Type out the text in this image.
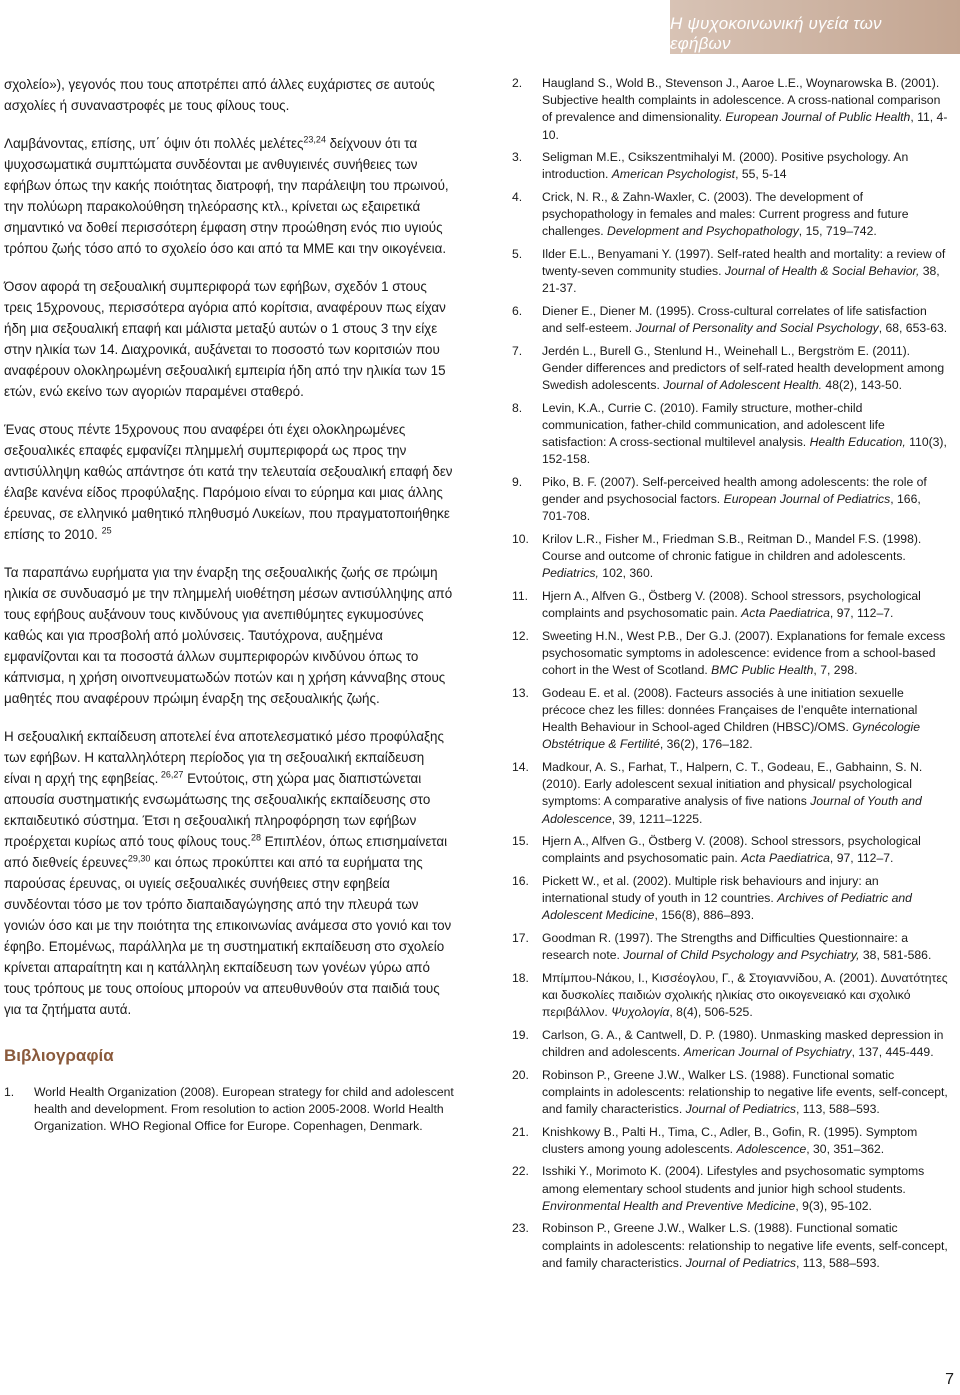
Η ψυχοκοινωνική υγεία των εφήβων

σχολείο»), γεγονός που τους αποτρέπει από άλλες ευχάριστες σε αυτούς ασχολίες ή συναναστροφές με τους φίλους τους.

Λαμβάνοντας, επίσης, υπ΄ όψιν ότι πολλές μελέτες$^{23,24}$ δείχνουν ότι τα ψυχοσωματικά συμπτώματα συνδέονται με ανθυγιεινές συνήθειες των εφήβων όπως την κακής ποιότητας διατροφή, την παράλειψη του πρωινού, την πολύωρη παρακολούθηση τηλεόρασης κτλ., κρίνεται ως εξαιρετικά σημαντικό να δοθεί περισσότερη έμφαση στην προώθηση ενός πιο υγιούς τρόπου ζωής τόσο από το σχολείο όσο και από τα ΜΜΕ και την οικογένεια.

Όσον αφορά τη σεξουαλική συμπεριφορά των εφήβων, σχεδόν 1 στους τρεις 15χρονους, περισσότερα αγόρια από κορίτσια, αναφέρουν πως είχαν ήδη μια σεξουαλική επαφή και μάλιστα μεταξύ αυτών ο 1 στους 3 την είχε στην ηλικία των 14. Διαχρονικά, αυξάνεται το ποσοστό των κοριτσιών που αναφέρουν ολοκληρωμένη σεξουαλική εμπειρία ήδη από την ηλικία των 15 ετών, ενώ εκείνο των αγοριών παραμένει σταθερό.

Ένας στους πέντε 15χρονους που αναφέρει ότι έχει ολοκληρωμένες σεξουαλικές επαφές εμφανίζει πλημμελή συμπεριφορά ως προς την αντισύλληψη καθώς απάντησε ότι κατά την τελευταία σεξουαλική επαφή δεν έλαβε κανένα είδος προφύλαξης. Παρόμοιο είναι το εύρημα και μιας άλλης έρευνας, σε ελληνικό μαθητικό πληθυσμό Λυκείων, που πραγματοποιήθηκε επίσης το 2010. $^{25}$

Τα παραπάνω ευρήματα για την έναρξη της σεξουαλικής ζωής σε πρώιμη ηλικία σε συνδυασμό με την πλημμελή υιοθέτηση μέσων αντισύλληψης από τους εφήβους αυξάνουν τους κινδύνους για ανεπιθύμητες εγκυμοσύνες καθώς και για προσβολή από μολύνσεις. Ταυτόχρονα, αυξημένα εμφανίζονται και τα ποσοστά άλλων συμπεριφορών κινδύνου όπως το κάπνισμα, η χρήση οινοπνευματωδών ποτών και η χρήση κάνναβης στους μαθητές που αναφέρουν πρώιμη έναρξη της σεξουαλικής ζωής.

Η σεξουαλική εκπαίδευση αποτελεί ένα αποτελεσματικό μέσο προφύλαξης των εφήβων. Η καταλληλότερη περίοδος για τη σεξουαλική εκπαίδευση είναι η αρχή της εφηβείας. $^{26,27}$ Εντούτοις, στη χώρα μας διαπιστώνεται απουσία συστηματικής ενσωμάτωσης της σεξουαλικής εκπαίδευσης στο εκπαιδευτικό σύστημα. Έτσι η σεξουαλική πληροφόρηση των εφήβων προέρχεται κυρίως από τους φίλους τους.$^{28}$ Επιπλέον, όπως επισημαίνεται από διεθνείς έρευνες$^{29,30}$ και όπως προκύπτει και από τα ευρήματα της παρούσας έρευνας, οι υγιείς σεξουαλικές συνήθειες στην εφηβεία συνδέονται τόσο με τον τρόπο διαπαιδαγώγησης από την πλευρά των γονιών όσο και με την ποιότητα της επικοινωνίας ανάμεσα στο γονιό και τον έφηβο. Επομένως, παράλληλα με τη συστηματική εκπαίδευση στο σχολείο κρίνεται απαραίτητη και η κατάλληλη εκπαίδευση των γονέων γύρω από τους τρόπους με τους οποίους μπορούν να απευθυνθούν στα παιδιά τους για τα ζητήματα αυτά.

Βιβλιογραφία
1. World Health Organization (2008). European strategy for child and adolescent health and development. From resolution to action 2005-2008. World Health Organization. WHO Regional Office for Europe. Copenhagen, Denmark.
2. Haugland S., Wold B., Stevenson J., Aaroe L.E., Woynarowska B. (2001). Subjective health complaints in adolescence. A cross-national comparison of prevalence and dimensionality. European Journal of Public Health, 11, 4-10.
3. Seligman M.E., Csikszentmihalyi M. (2000). Positive psychology. An introduction. American Psychologist, 55, 5-14
4. Crick, N. R., & Zahn-Waxler, C. (2003). The development of psychopathology in females and males: Current progress and future challenges. Development and Psychopathology, 15, 719–742.
5. Ilder E.L., Benyamani Y. (1997). Self-rated health and mortality: a review of twenty-seven community studies. Journal of Health & Social Behavior, 38, 21-37.
6. Diener E., Diener M. (1995). Cross-cultural correlates of life satisfaction and self-esteem. Journal of Personality and Social Psychology, 68, 653-63.
7. Jerdén L., Burell G., Stenlund H., Weinehall L., Bergström E. (2011). Gender differences and predictors of self-rated health development among Swedish adolescents. Journal of Adolescent Health. 48(2), 143-50.
8. Levin, K.A., Currie C. (2010). Family structure, mother-child communication, father-child communication, and adolescent life satisfaction: A cross-sectional multilevel analysis. Health Education, 110(3), 152-158.
9. Piko, B. F. (2007). Self-perceived health among adolescents: the role of gender and psychosocial factors. European Journal of Pediatrics, 166, 701-708.
10. Krilov L.R., Fisher M., Friedman S.B., Reitman D., Mandel F.S. (1998). Course and outcome of chronic fatigue in children and adolescents. Pediatrics, 102, 360.
11. Hjern A., Alfven G., Östberg V. (2008). School stressors, psychological complaints and psychosomatic pain. Acta Paediatrica, 97, 112–7.
12. Sweeting H.N., West P.B., Der G.J. (2007). Explanations for female excess psychosomatic symptoms in adolescence: evidence from a school-based cohort in the West of Scotland. BMC Public Health, 7, 298.
13. Godeau E. et al. (2008). Facteurs associés à une initiation sexuelle précoce chez les filles: données Françaises de l’enquête international Health Behaviour in School-aged Children (HBSC)/OMS. Gynécologie Obstétrique & Fertilité, 36(2), 176–182.
14. Madkour, A. S., Farhat, T., Halpern, C. T., Godeau, E., Gabhainn, S. N. (2010). Early adolescent sexual initiation and physical/ psychological symptoms: A comparative analysis of five nations Journal of Youth and Adolescence, 39, 1211–1225.
15. Hjern A., Alfven G., Östberg V. (2008). School stressors, psychological complaints and psychosomatic pain. Acta Paediatrica, 97, 112–7.
16. Pickett W., et al. (2002). Multiple risk behaviours and injury: an international study of youth in 12 countries. Archives of Pediatric and Adolescent Medicine, 156(8), 886–893.
17. Goodman R. (1997). The Strengths and Difficulties Questionnaire: a research note. Journal of Child Psychology and Psychiatry, 38, 581-586.
18. Μπίμπου-Νάκου, Ι., Κισσέογλου, Γ., & Στογιαννίδου, Α. (2001). Δυνατότητες και δυσκολίες παιδιών σχολικής ηλικίας στο οικογενειακό και σχολικό περιβάλλον. Ψυχολογία, 8(4), 506-525.
19. Carlson, G. A., & Cantwell, D. P. (1980). Unmasking masked depression in children and adolescents. American Journal of Psychiatry, 137, 445-449.
20. Robinson P., Greene J.W., Walker LS. (1988). Functional somatic complaints in adolescents: relationship to negative life events, self-concept, and family characteristics. Journal of Pediatrics, 113, 588–593.
21. Knishkowy B., Palti H., Tima, C., Adler, B., Gofin, R. (1995). Symptom clusters among young adolescents. Adolescence, 30, 351–362.
22. Isshiki Y., Morimoto K. (2004). Lifestyles and psychosomatic symptoms among elementary school students and junior high school students. Environmental Health and Preventive Medicine, 9(3), 95-102.
23. Robinson P., Greene J.W., Walker L.S. (1988). Functional somatic complaints in adolescents: relationship to negative life events, self-concept, and family characteristics. Journal of Pediatrics, 113, 588–593.
7
